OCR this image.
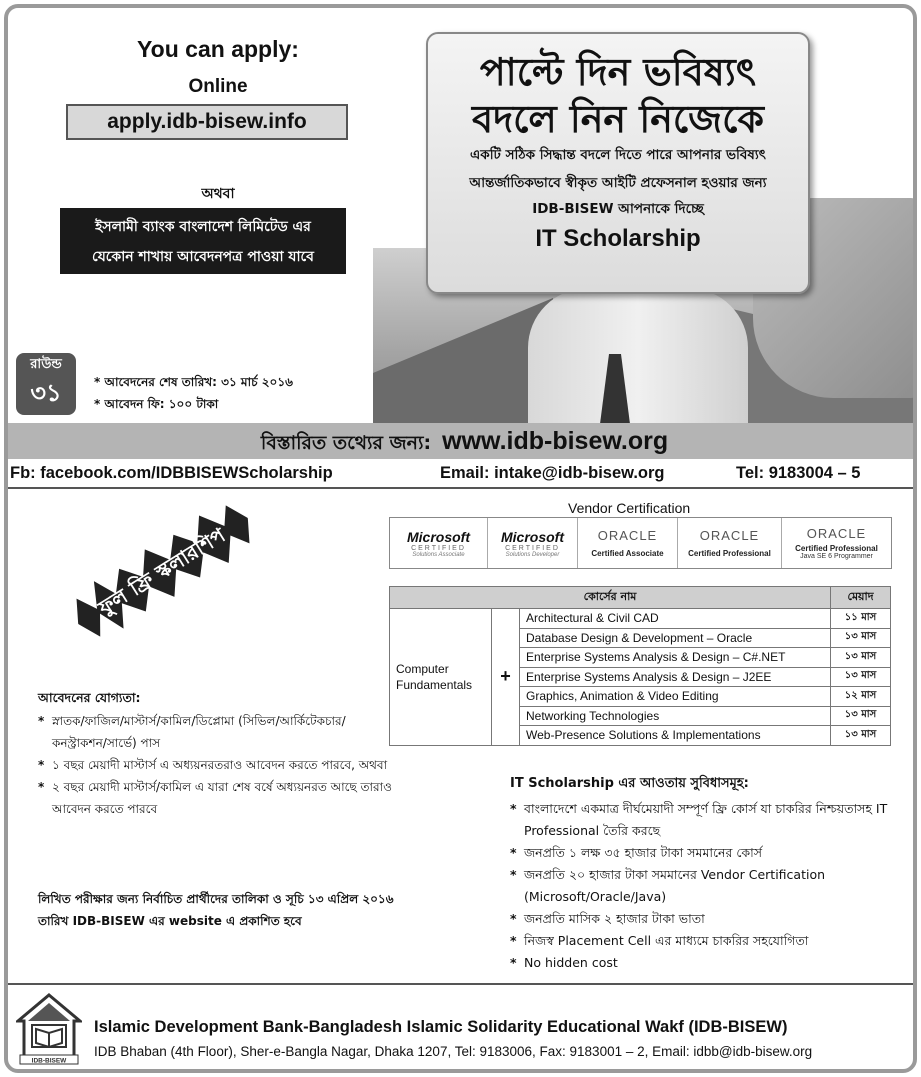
You can apply:
Online
apply.idb-bisew.info
অথবা
ইসলামী ব্যাংক বাংলাদেশ লিমিটেড এর
যেকোন শাখায় আবেদনপত্র পাওয়া যাবে
পাল্টে দিন ভবিষ্যৎ
বদলে নিন নিজেকে
একটি সঠিক সিদ্ধান্ত বদলে দিতে পারে আপনার ভবিষ্যৎ
আন্তর্জাতিকভাবে স্বীকৃত আইটি প্রফেসনাল হওয়ার জন্য
IDB-BISEW আপনাকে দিচ্ছে
IT Scholarship
রাউন্ড
৩১	* আবেদনের শেষ তারিখ: ৩১ মার্চ ২০১৬
* আবেদন ফি: ১০০ টাকা
বিস্তারিত তথ্যের জন্য: www.idb-bisew.org
Fb: facebook.com/IDBBISEWScholarship	Email: intake@idb-bisew.org	Tel: 9183004 – 5
ফুল ফ্রি স্কলারশিপ
Vendor Certification
Microsoft
CERTIFIED
Solutions Associate
Microsoft
CERTIFIED
Solutions Developer
ORACLE
Certified Associate
ORACLE
Certified Professional
ORACLE
Certified Professional
Java SE 6 Programmer
কোর্সের নাম			মেয়াদ

Computer
Fundamentals	+	Architectural & Civil CAD	১১ মাস
		Database Design & Development – Oracle	১৩ মাস
		Enterprise Systems Analysis & Design – C#.NET	১৩ মাস
		Enterprise Systems Analysis & Design – J2EE	১৩ মাস
		Graphics, Animation & Video Editing	১২ মাস
		Networking Technologies	১৩ মাস
		Web-Presence Solutions & Implementations	১৩ মাস
আবেদনের যোগ্যতা:
* স্নাতক/ফাজিল/মাস্টার্স/কামিল/ডিপ্লোমা (সিভিল/আর্কিটেকচার/কনস্ট্রাকশন/সার্ভে) পাস
* ১ বছর মেয়াদী মাস্টার্স এ অধ্যয়নরতরাও আবেদন করতে পারবে, অথবা
* ২ বছর মেয়াদী মাস্টার্স/কামিল এ যারা শেষ বর্ষে অধ্যয়নরত আছে তারাও আবেদন করতে পারবে
লিখিত পরীক্ষার জন্য নির্বাচিত প্রার্থীদের তালিকা ও সূচি ১৩ এপ্রিল ২০১৬ তারিখ IDB-BISEW এর website এ প্রকাশিত হবে
IT Scholarship এর আওতায় সুবিধাসমূহ:
* বাংলাদেশে একমাত্র দীর্ঘমেয়াদী সম্পূর্ণ ফ্রি কোর্স যা চাকরির নিশ্চয়তাসহ IT Professional তৈরি করছে
* জনপ্রতি ১ লক্ষ ৩৫ হাজার টাকা সমমানের কোর্স
* জনপ্রতি ২০ হাজার টাকা সমমানের Vendor Certification (Microsoft/Oracle/Java)
* জনপ্রতি মাসিক ২ হাজার টাকা ভাতা
* নিজস্ব Placement Cell এর মাধ্যমে চাকরির সহযোগিতা
* No hidden cost
IDB-BISEW
Islamic Development Bank-Bangladesh Islamic Solidarity Educational Wakf (IDB-BISEW)
IDB Bhaban (4th Floor), Sher-e-Bangla Nagar, Dhaka 1207, Tel: 9183006, Fax: 9183001 – 2, Email: idbb@idb-bisew.org
